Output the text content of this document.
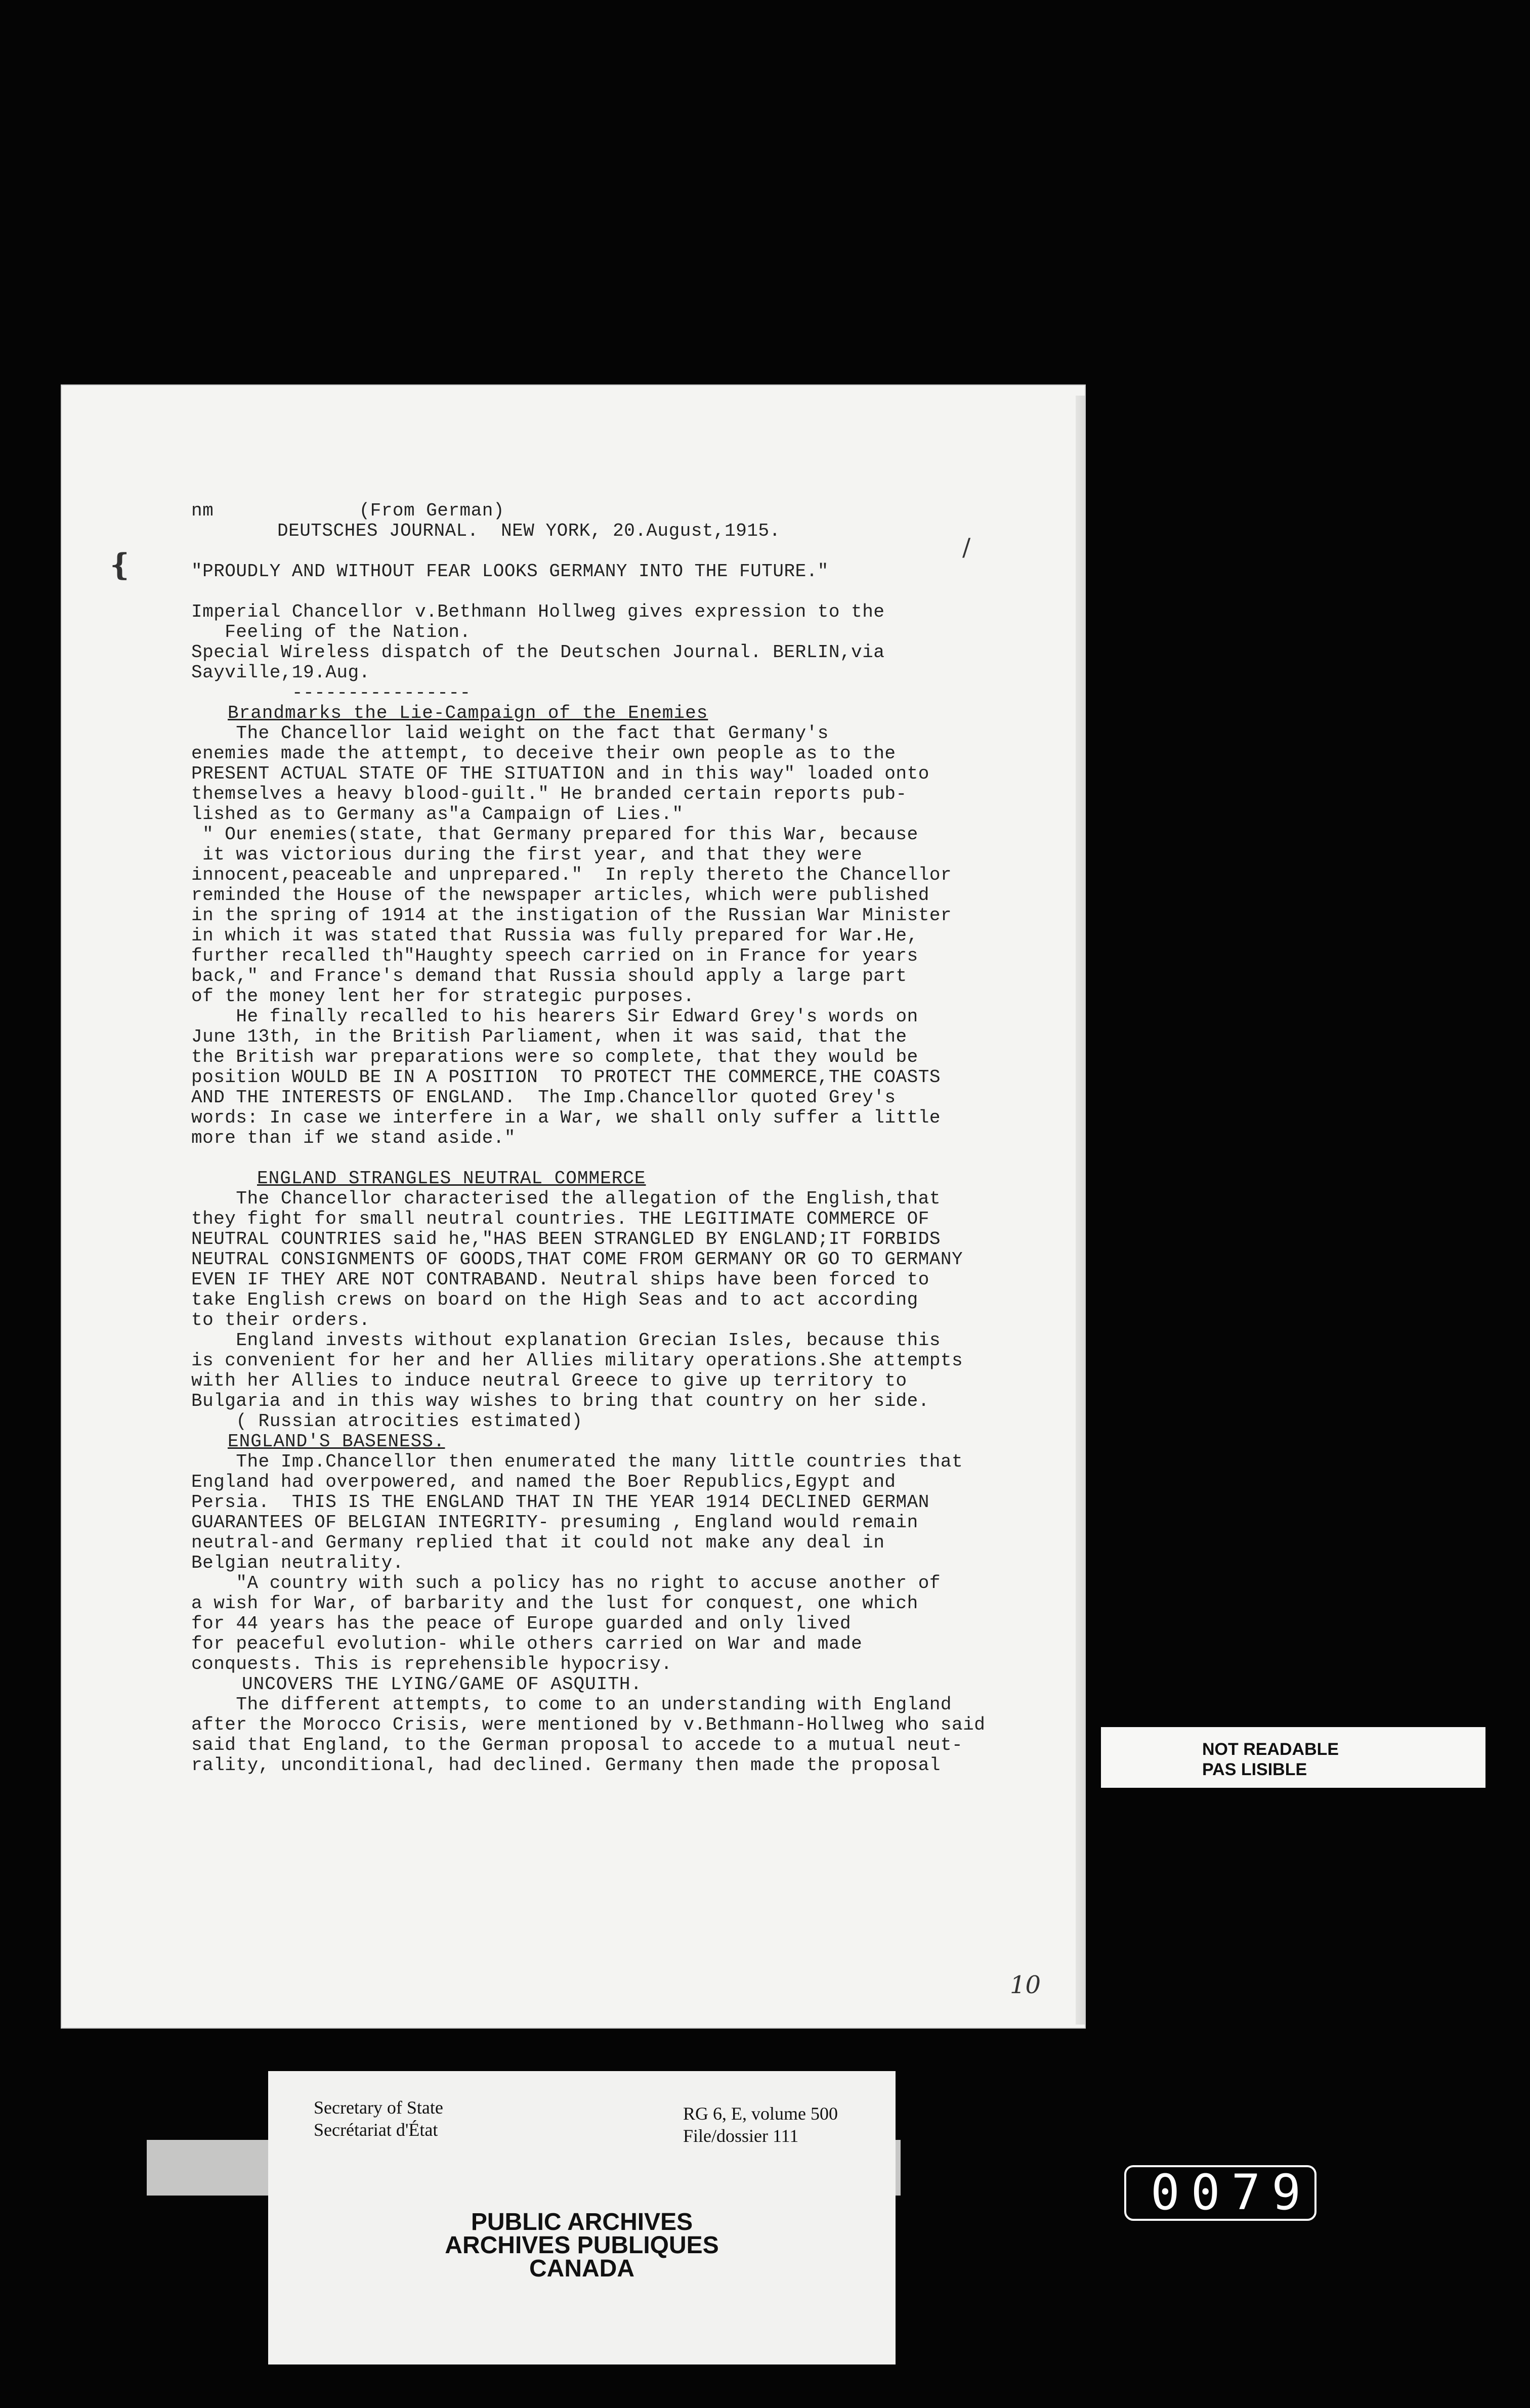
nm	(From German)
DEUTSCHES JOURNAL.  NEW YORK, 20.August,1915.
"PROUDLY AND WITHOUT FEAR LOOKS GERMANY INTO THE FUTURE."
Imperial Chancellor v.Bethmann Hollweg gives expression to the
Feeling of the Nation.
Special Wireless dispatch of the Deutschen Journal. BERLIN,via
Sayville,19.Aug.
----------------
Brandmarks the Lie-Campaign of the Enemies
The Chancellor laid weight on the fact that Germany's
enemies made the attempt, to deceive their own people as to the
PRESENT ACTUAL STATE OF THE SITUATION and in this way" loaded onto
themselves a heavy blood-guilt." He branded certain reports pub-
lished as to Germany as"a Campaign of Lies."
" Our enemies(state, that Germany prepared for this War, because
it was victorious during the first year, and that they were
innocent,peaceable and unprepared."  In reply thereto the Chancellor
reminded the House of the newspaper articles, which were published
in the spring of 1914 at the instigation of the Russian War Minister
in which it was stated that Russia was fully prepared for War.He,
further recalled th"Haughty speech carried on in France for years
back," and France's demand that Russia should apply a large part
of the money lent her for strategic purposes.
He finally recalled to his hearers Sir Edward Grey's words on
June 13th, in the British Parliament, when it was said, that the
the British war preparations were so complete, that they would be
position WOULD BE IN A POSITION  TO PROTECT THE COMMERCE,THE COASTS
AND THE INTERESTS OF ENGLAND.  The Imp.Chancellor quoted Grey's
words: In case we interfere in a War, we shall only suffer a little
more than if we stand aside."
ENGLAND STRANGLES NEUTRAL COMMERCE
The Chancellor characterised the allegation of the English,that
they fight for small neutral countries. THE LEGITIMATE COMMERCE OF
NEUTRAL COUNTRIES said he,"HAS BEEN STRANGLED BY ENGLAND;IT FORBIDS
NEUTRAL CONSIGNMENTS OF GOODS,THAT COME FROM GERMANY OR GO TO GERMANY
EVEN IF THEY ARE NOT CONTRABAND. Neutral ships have been forced to
take English crews on board on the High Seas and to act according
to their orders.
England invests without explanation Grecian Isles, because this
is convenient for her and her Allies military operations.She attempts
with her Allies to induce neutral Greece to give up territory to
Bulgaria and in this way wishes to bring that country on her side.
( Russian atrocities estimated)
ENGLAND'S BASENESS.
The Imp.Chancellor then enumerated the many little countries that
England had overpowered, and named the Boer Republics,Egypt and
Persia.  THIS IS THE ENGLAND THAT IN THE YEAR 1914 DECLINED GERMAN
GUARANTEES OF BELGIAN INTEGRITY- presuming , England would remain
neutral-and Germany replied that it could not make any deal in
Belgian neutrality.
"A country with such a policy has no right to accuse another of
a wish for War, of barbarity and the lust for conquest, one which
for 44 years has the peace of Europe guarded and only lived
for peaceful evolution- while others carried on War and made
conquests. This is reprehensible hypocrisy.
UNCOVERS THE LYING/GAME OF ASQUITH.
The different attempts, to come to an understanding with England
after the Morocco Crisis, were mentioned by v.Bethmann-Hollweg who said
said that England, to the German proposal to accede to a mutual neut-
rality, unconditional, had declined. Germany then made the proposal
❴	/
10
NOT READABLE
PAS LISIBLE
Secretary of State
Secrétariat d'État
RG 6, E, volume 500
File/dossier 111
PUBLIC ARCHIVES
ARCHIVES PUBLIQUES
CANADA
0079
